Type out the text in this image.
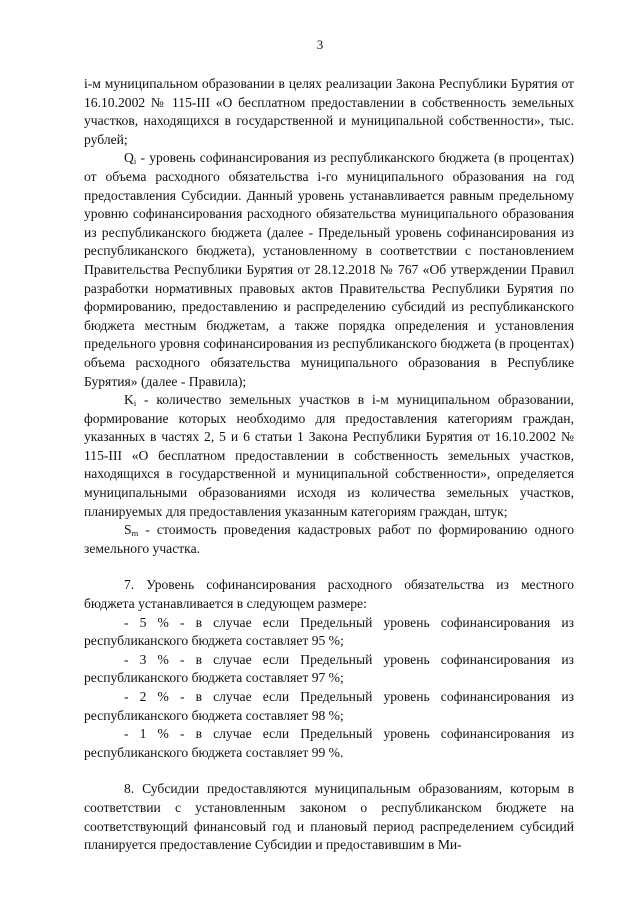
3

i-м муниципальном образовании в целях реализации Закона Республики Бурятия от 16.10.2002 № 115-III «О бесплатном предоставлении в собственность земельных участков, находящихся в государственной и муниципальной собственности», тыс. рублей;

$Q_i$ - уровень софинансирования из республиканского бюджета (в процентах) от объема расходного обязательства i-го муниципального образования на год предоставления Субсидии. Данный уровень устанавливается равным предельному уровню софинансирования расходного обязательства муниципального образования из республиканского бюджета (далее - Предельный уровень софинансирования из республиканского бюджета), установленному в соответствии с постановлением Правительства Республики Бурятия от 28.12.2018 № 767 «Об утверждении Правил разработки нормативных правовых актов Правительства Республики Бурятия по формированию, предоставлению и распределению субсидий из республиканского бюджета местным бюджетам, а также порядка определения и установления предельного уровня софинансирования из республиканского бюджета (в процентах) объема расходного обязательства муниципального образования в Республике Бурятия» (далее - Правила);

$K_i$ - количество земельных участков в i-м муниципальном образовании, формирование которых необходимо для предоставления категориям граждан, указанных в частях 2, 5 и 6 статьи 1 Закона Республики Бурятия от 16.10.2002 № 115-III «О бесплатном предоставлении в собственность земельных участков, находящихся в государственной и муниципальной собственности», определяется муниципальными образованиями исходя из количества земельных участков, планируемых для предоставления указанным категориям граждан, штук;

$S_m$ - стоимость проведения кадастровых работ по формированию одного земельного участка.

7. Уровень софинансирования расходного обязательства из местного бюджета устанавливается в следующем размере:

- 5 % - в случае если Предельный уровень софинансирования из республиканского бюджета составляет 95 %;

- 3 % - в случае если Предельный уровень софинансирования из республиканского бюджета составляет 97 %;

- 2 % - в случае если Предельный уровень софинансирования из республиканского бюджета составляет 98 %;

- 1 % - в случае если Предельный уровень софинансирования из республиканского бюджета составляет 99 %.

8. Субсидии предоставляются муниципальным образованиям, которым в соответствии с установленным законом о республиканском бюджете на соответствующий финансовый год и плановый период распределением субсидий планируется предоставление Субсидии и предоставившим в Ми-
